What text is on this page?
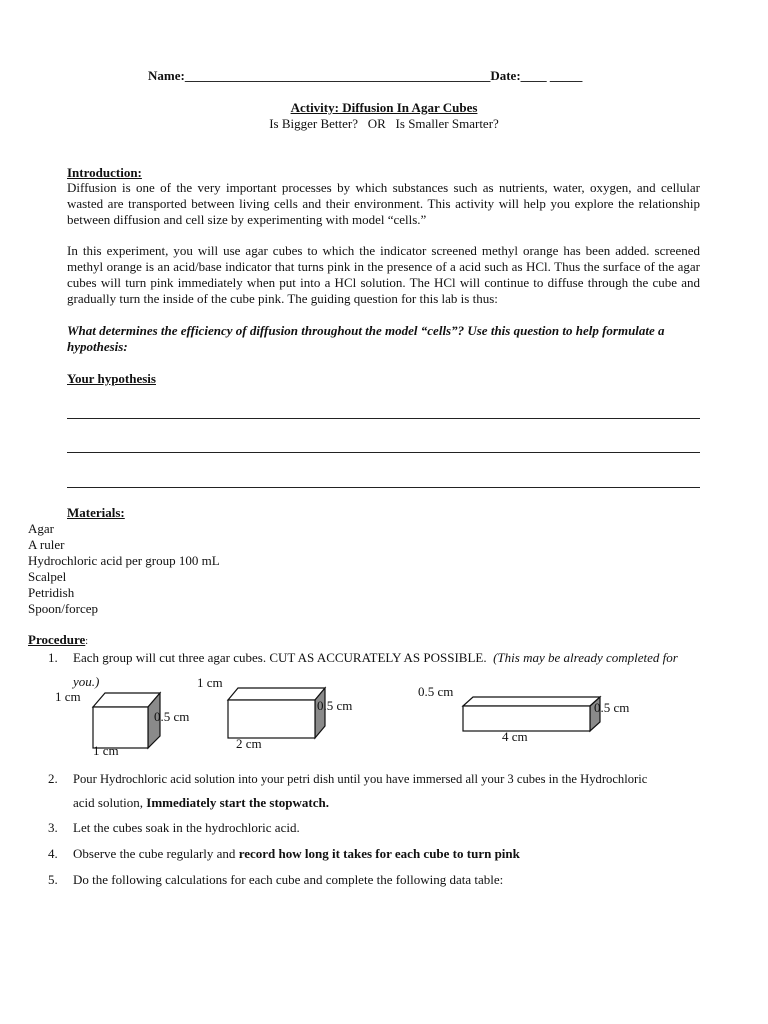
Name:_______________________________________________Date:____ _____
Activity: Diffusion In Agar Cubes
Is Bigger Better?   OR   Is Smaller Smarter?
Introduction:
Diffusion is one of the very important processes by which substances such as nutrients, water, oxygen, and cellular wasted are transported between living cells and their environment. This activity will help you explore the relationship between diffusion and cell size by experimenting with model “cells.”
In this experiment, you will use agar cubes to which the indicator screened methyl orange has been added. screened methyl orange is an acid/base indicator that turns pink in the presence of a acid such as HCl. Thus the surface of the agar cubes will turn pink immediately when put into a HCl solution. The HCl will continue to diffuse through the cube and gradually turn the inside of the cube pink. The guiding question for this lab is thus:
What determines the efficiency of diffusion throughout the model “cells”? Use this question to help formulate a hypothesis:
Your hypothesis
Materials:
Agar
A ruler
Hydrochloric acid per group 100 mL
Scalpel
Petridish
Spoon/forcep
Procedure:
1. Each group will cut three agar cubes. CUT AS ACCURATELY AS POSSIBLE. (This may be already completed for
you.)
1 cm
0.5 cm
1 cm
1 cm
0.5 cm
2 cm
0.5 cm
0.5 cm
4 cm
2. Pour Hydrochloric acid solution into your petri dish until you have immersed all your 3 cubes in the Hydrochloric
acid solution, Immediately start the stopwatch.
3. Let the cubes soak in the hydrochloric acid.
4. Observe the cube regularly and record how long it takes for each cube to turn pink
5. Do the following calculations for each cube and complete the following data table:
